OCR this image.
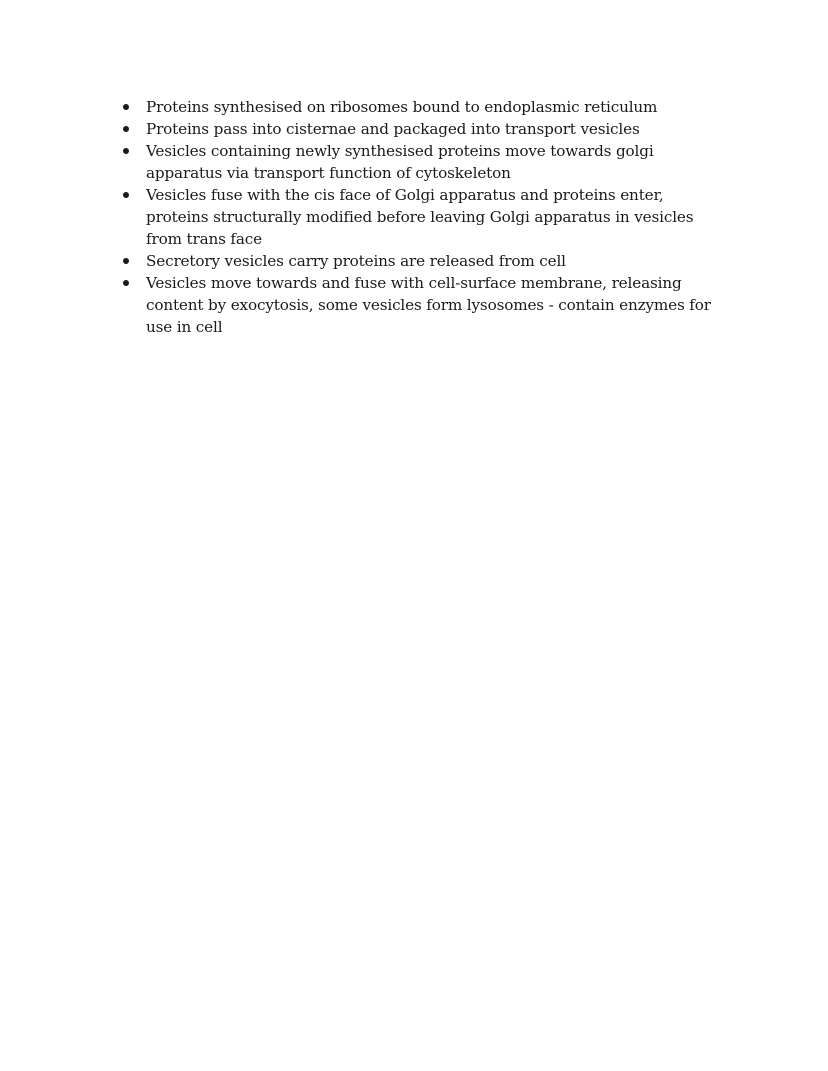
Proteins synthesised on ribosomes bound to endoplasmic reticulum
Proteins pass into cisternae and packaged into transport vesicles
Vesicles containing newly synthesised proteins move towards golgi apparatus via transport function of cytoskeleton
Vesicles fuse with the cis face of Golgi apparatus and proteins enter, proteins structurally modified before leaving Golgi apparatus in vesicles from trans face
Secretory vesicles carry proteins are released from cell
Vesicles move towards and fuse with cell-surface membrane, releasing content by exocytosis, some vesicles form lysosomes - contain enzymes for use in cell
